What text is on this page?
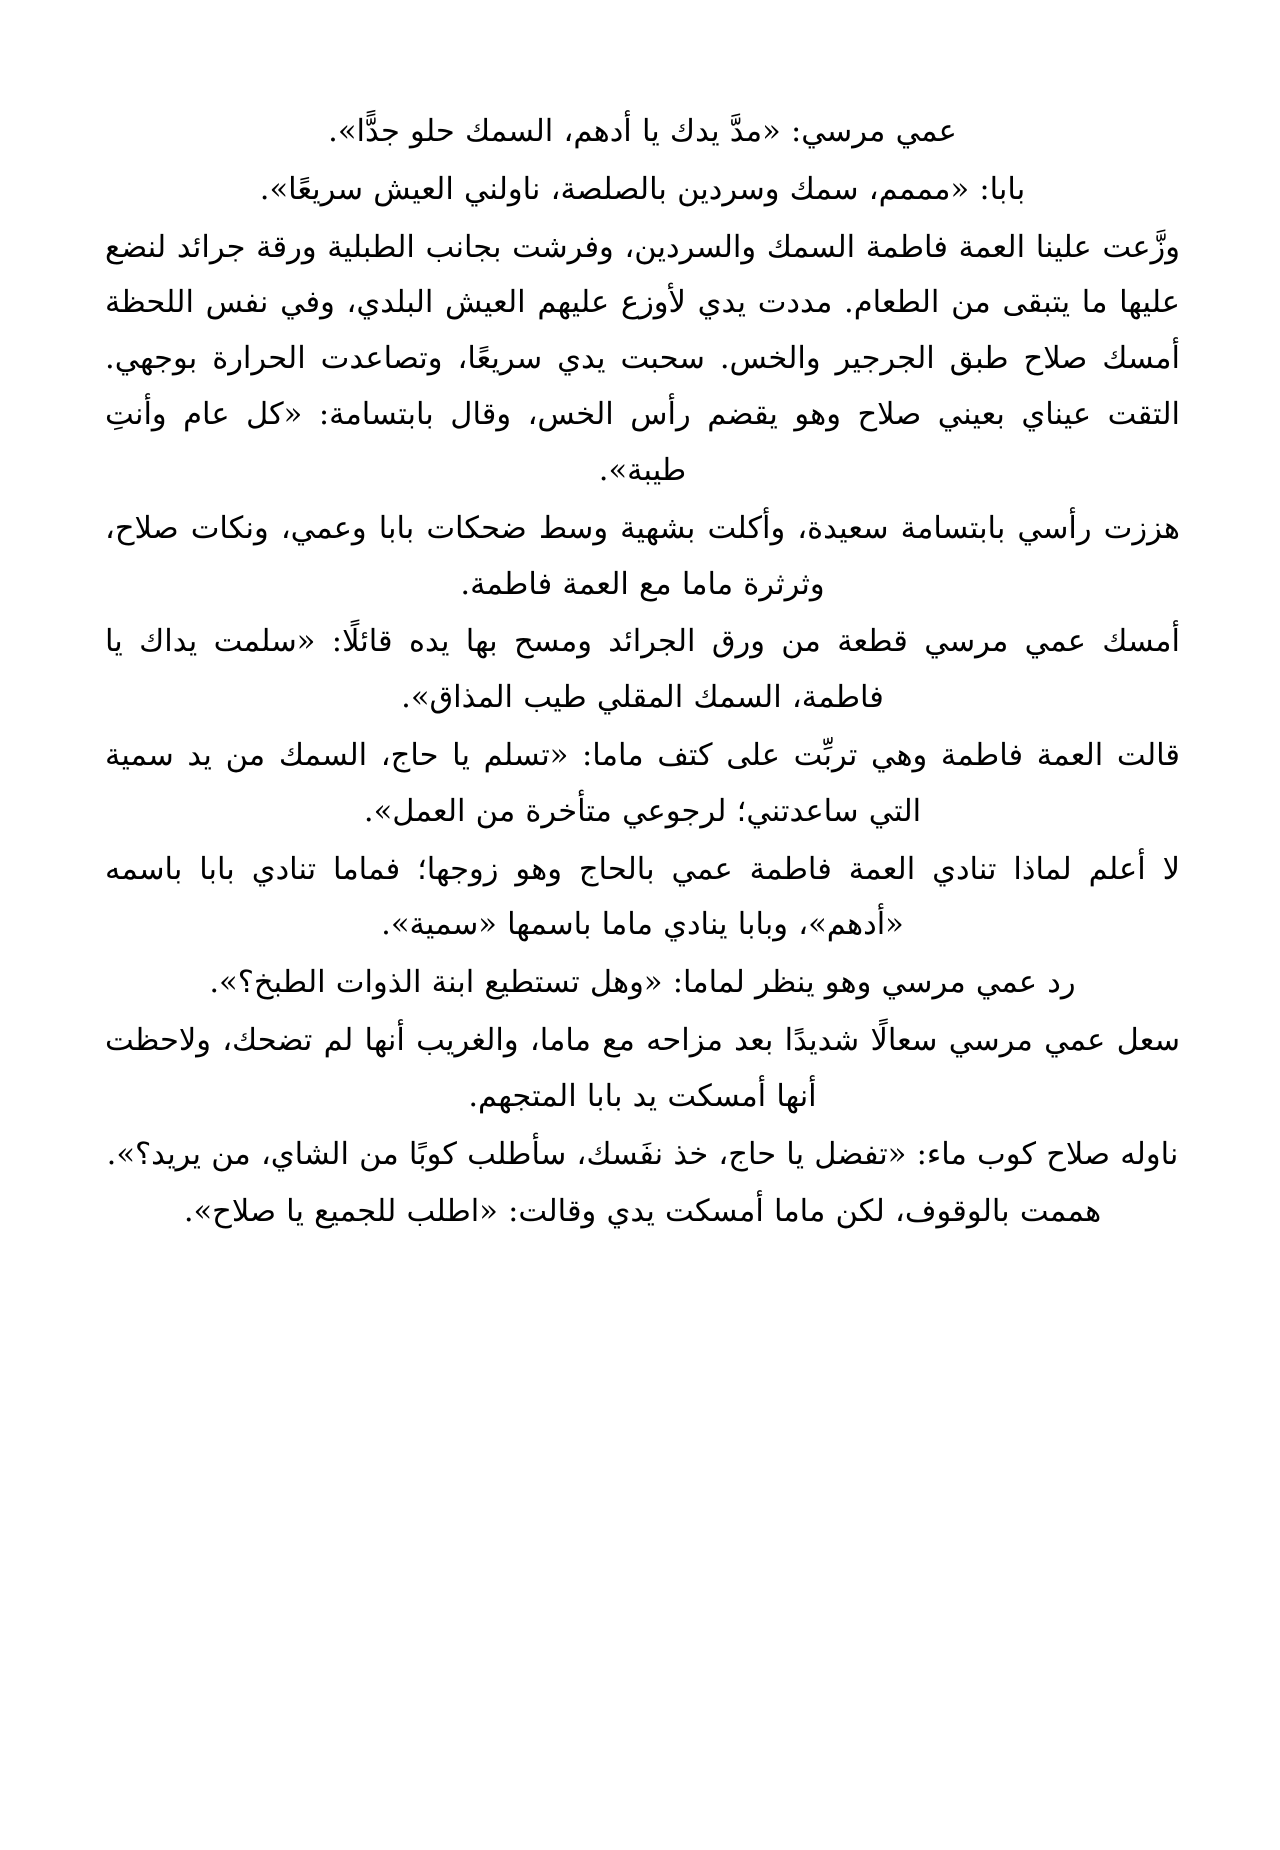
عمي مرسي: «مدَّ يدك يا أدهم، السمك حلو جدًّا».

بابا: «مممم، سمك وسردين بالصلصة، ناولني العيش سريعًا».

وزَّعت علينا العمة فاطمة السمك والسردين، وفرشت بجانب الطبلية ورقة جرائد لنضع عليها ما يتبقى من الطعام. مددت يدي لأوزع عليهم العيش البلدي، وفي نفس اللحظة أمسك صلاح طبق الجرجير والخس. سحبت يدي سريعًا، وتصاعدت الحرارة بوجهي. التقت عيناي بعيني صلاح وهو يقضم رأس الخس، وقال بابتسامة: «كل عام وأنتِ طيبة».

هززت رأسي بابتسامة سعيدة، وأكلت بشهية وسط ضحكات بابا وعمي، ونكات صلاح، وثرثرة ماما مع العمة فاطمة.

أمسك عمي مرسي قطعة من ورق الجرائد ومسح بها يده قائلًا: «سلمت يداك يا فاطمة، السمك المقلي طيب المذاق».

قالت العمة فاطمة وهي تربِّت على كتف ماما: «تسلم يا حاج، السمك من يد سمية التي ساعدتني؛ لرجوعي متأخرة من العمل».

لا أعلم لماذا تنادي العمة فاطمة عمي بالحاج وهو زوجها؛ فماما تنادي بابا باسمه «أدهم»، وبابا ينادي ماما باسمها «سمية».

رد عمي مرسي وهو ينظر لماما: «وهل تستطيع ابنة الذوات الطبخ؟».

سعل عمي مرسي سعالًا شديدًا بعد مزاحه مع ماما، والغريب أنها لم تضحك، ولاحظت أنها أمسكت يد بابا المتجهم.

ناوله صلاح كوب ماء: «تفضل يا حاج، خذ نفَسك، سأطلب كوبًا من الشاي، من يريد؟».

هممت بالوقوف، لكن ماما أمسكت يدي وقالت: «اطلب للجميع يا صلاح».
